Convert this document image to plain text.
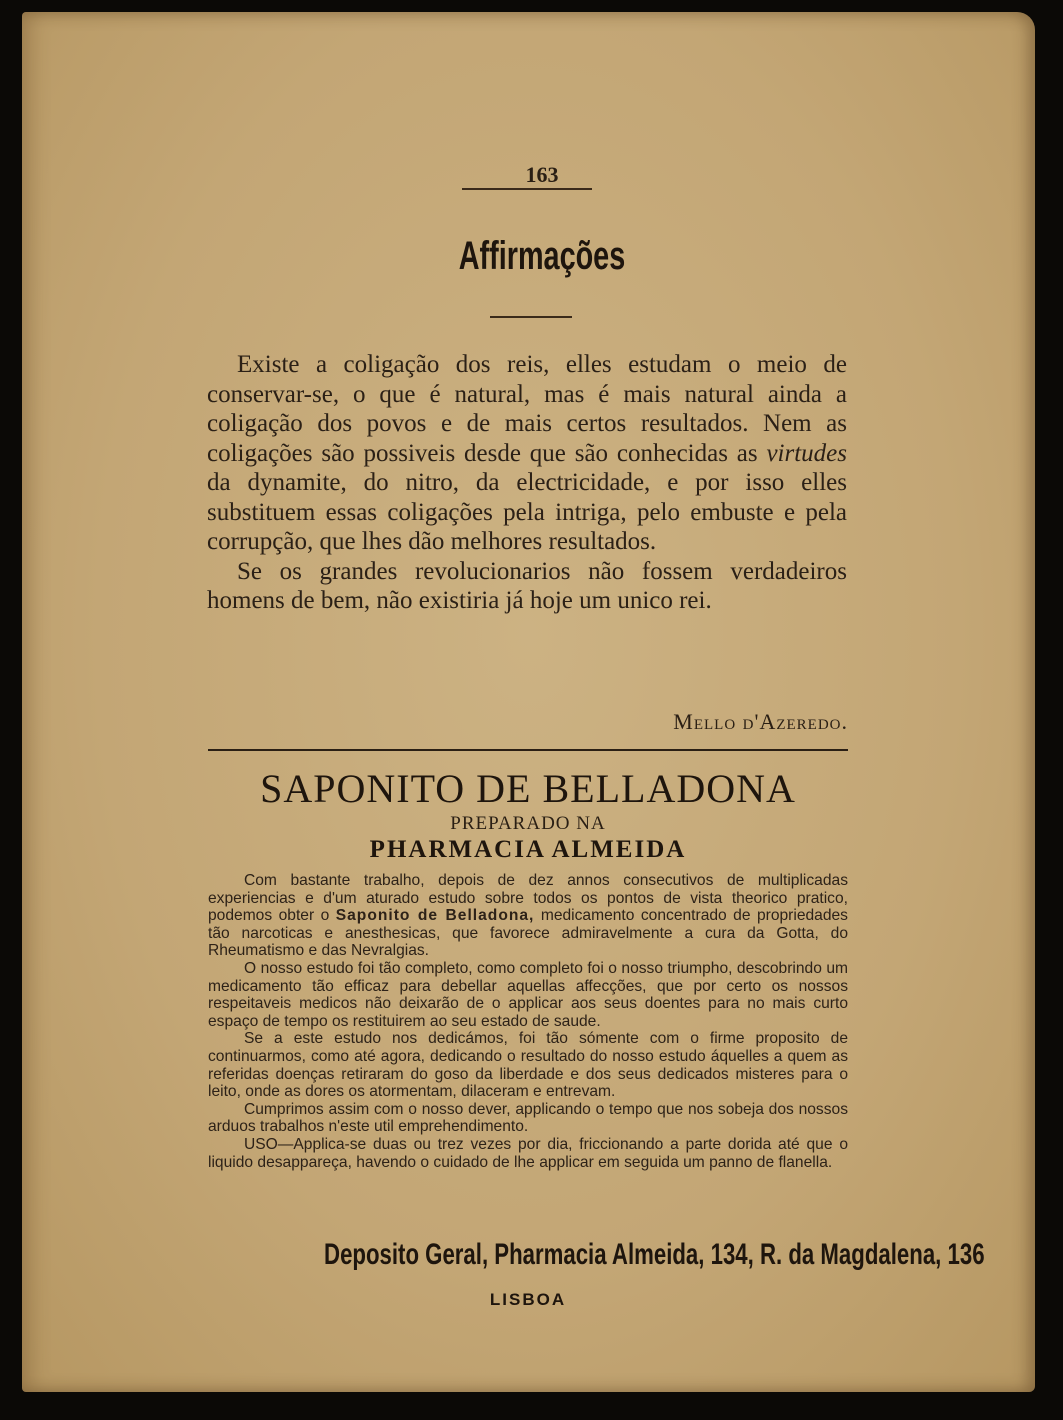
163
Affirmações

Existe a coligação dos reis, elles estudam o meio de conservar-se, o que é natural, mas é mais natural ainda a coligação dos povos e de mais certos resultados. Nem as coligações são possiveis desde que são conhecidas as virtudes da dynamite, do nitro, da electricidade, e por isso elles substituem essas coligações pela intriga, pelo embuste e pela corrupção, que lhes dão melhores resultados.

Se os grandes revolucionarios não fossem verdadeiros homens de bem, não existiria já hoje um unico rei.

Mello d'Azeredo.
SAPONITO DE BELLADONA
PREPARADO NA
PHARMACIA ALMEIDA

Com bastante trabalho, depois de dez annos consecutivos de multiplicadas experiencias e d'um aturado estudo sobre todos os pontos de vista theorico pratico, podemos obter o Saponito de Belladona, medicamento concentrado de propriedades tão narcoticas e anesthesicas, que favorece admiravelmente a cura da Gotta, do Rheumatismo e das Nevralgias.

O nosso estudo foi tão completo, como completo foi o nosso triumpho, descobrindo um medicamento tão efficaz para debellar aquellas affecções, que por certo os nossos respeitaveis medicos não deixarão de o applicar aos seus doentes para no mais curto espaço de tempo os restituirem ao seu estado de saude.

Se a este estudo nos dedicámos, foi tão sómente com o firme proposito de continuarmos, como até agora, dedicando o resultado do nosso estudo áquelles a quem as referidas doenças retiraram do goso da liberdade e dos seus dedicados misteres para o leito, onde as dores os atormentam, dilaceram e entrevam.

Cumprimos assim com o nosso dever, applicando o tempo que nos sobeja dos nossos arduos trabalhos n'este util emprehendimento.

USO—Applica-se duas ou trez vezes por dia, friccionando a parte dorida até que o liquido desappareça, havendo o cuidado de lhe applicar em seguida um panno de flanella.

Deposito Geral, Pharmacia Almeida, 134, R. da Magdalena, 136
LISBOA
